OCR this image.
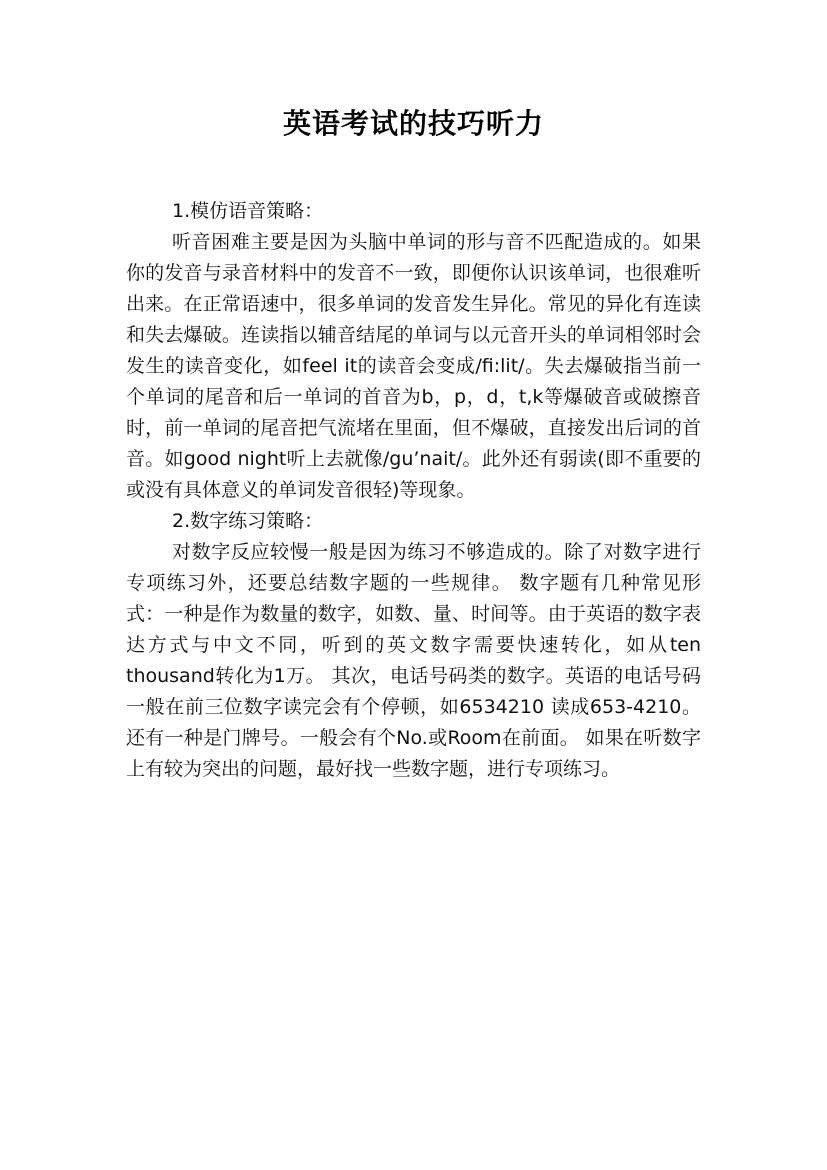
英语考试的技巧听力

1.模仿语音策略：

听音困难主要是因为头脑中单词的形与音不匹配造成的。如果你的发音与录音材料中的发音不一致，即便你认识该单词，也很难听出来。在正常语速中，很多单词的发音发生异化。常见的异化有连读和失去爆破。连读指以辅音结尾的单词与以元音开头的单词相邻时会发生的读音变化，如feel it的读音会变成/fi:lit/。失去爆破指当前一个单词的尾音和后一单词的首音为b，p，d，t,k等爆破音或破擦音时，前一单词的尾音把气流堵在里面，但不爆破，直接发出后词的首音。如good night听上去就像/gu’nait/。此外还有弱读(即不重要的或没有具体意义的单词发音很轻)等现象。

2.数字练习策略：

对数字反应较慢一般是因为练习不够造成的。除了对数字进行专项练习外，还要总结数字题的一些规律。 数字题有几种常见形式：一种是作为数量的数字，如数、量、时间等。由于英语的数字表达方式与中文不同，听到的英文数字需要快速转化，如从ten thousand转化为1万。 其次，电话号码类的数字。英语的电话号码一般在前三位数字读完会有个停顿，如6534210 读成653-4210。 还有一种是门牌号。一般会有个No.或Room在前面。 如果在听数字上有较为突出的问题，最好找一些数字题，进行专项练习。
